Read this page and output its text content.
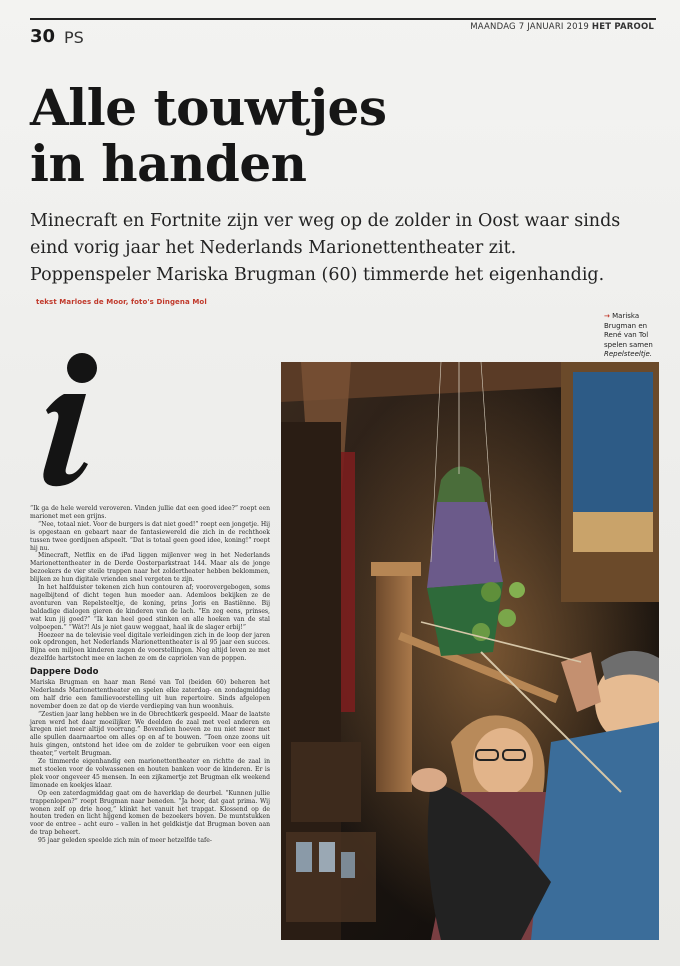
30 PS
MAANDAG 7 JANUARI 2019 HET PAROOL
Alle touwtjes
in handen
Minecraft en Fortnite zijn ver weg op de zolder in Oost waar sinds eind vorig jaar het Nederlands Marionettentheater zit. Poppenspeler Mariska Brugman (60) timmerde het eigenhandig. tekst Marloes de Moor, foto's Dingena Mol
→ Mariska Brugman en René van Tol spelen samen Repelsteeltje.

“Ik ga de hele wereld veroveren. Vinden jullie dat een goed idee?” roept een marionet met een grijns.

“Nee, totaal niet. Voor de burgers is dat niet goed!” roept een jongetje. Hij is opgestaan en gebaart naar de fantasiewereld die zich in de rechthoek tussen twee gordijnen afspeelt. “Dat is totaal geen goed idee, koning!” roept hij nu.

Minecraft, Netflix en de iPad liggen mijlenver weg in het Nederlands Marionettentheater in de Derde Oosterparkstraat 144. Maar als de jonge bezoekers de vier steile trappen naar het zoldertheater hebben beklommen, blijken ze hun digitale vrienden snel vergeten te zijn.

In het halfduister tekenen zich hun contouren af; voorovergebogen, soms nagelbijtend of dicht tegen hun moeder aan. Ademloos bekijken ze de avonturen van Repelsteeltje, de koning, prins Joris en Bastiënne. Bij baldadige dialogen gieren de kinderen van de lach. “En zeg eens, prinses, wat kun jij goed?” “Ik kan heel goed stinken en alle hoeken van de stal volpoepen.” “Wát?! Als je niet gauw weggaat, haal ik de slager erbij!”

Hoezeer na de televisie veel digitale verleidingen zich in de loop der jaren ook opdrongen, het Nederlands Marionettentheater is al 95 jaar een succes. Bijna een miljoen kinderen zagen de voorstellingen. Nog altijd leven ze met dezelfde hartstocht mee en lachen ze om de capriolen van de poppen.

Dappere Dodo

Mariska Brugman en haar man René van Tol (beiden 60) beheren het Nederlands Marionettentheater en spelen elke zaterdag- en zondagmiddag om half drie een familievoorstelling uit hun repertoire. Sinds afgelopen november doen ze dat op de vierde verdieping van hun woonhuis.

“Zestien jaar lang hebben we in de Obrechtkerk gespeeld. Maar de laatste jaren werd het daar moeilijker. We deelden de zaal met veel anderen en kregen niet meer altijd voorrang.” Bovendien hoeven ze nu niet meer met alle spullen daarnaartoe om alles op en af te bouwen. “Toen onze zoons uit huis gingen, ontstond het idee om de zolder te gebruiken voor een eigen theater,” vertelt Brugman.

Ze timmerde eigenhandig een marionettentheater en richtte de zaal in met stoelen voor de volwassenen en houten banken voor de kinderen. Er is plek voor ongeveer 45 mensen. In een zijkamertje zet Brugman elk weekend limonade en koekjes klaar.

Op een zaterdagmiddag gaat om de haverklap de deurbel. “Kunnen jullie trappenlopen?” roept Brugman naar beneden. “Ja hoor, dat gaat prima. Wij wonen zelf op drie hoog,” klinkt het vanuit het trapgat. Klossend op de houten treden en licht hijgend komen de bezoekers boven. De muntstukken voor de entree – acht euro – vallen in het geldkistje dat Brugman boven aan de trap beheert.

95 jaar geleden speelde zich min of meer hetzelfde tafe-
